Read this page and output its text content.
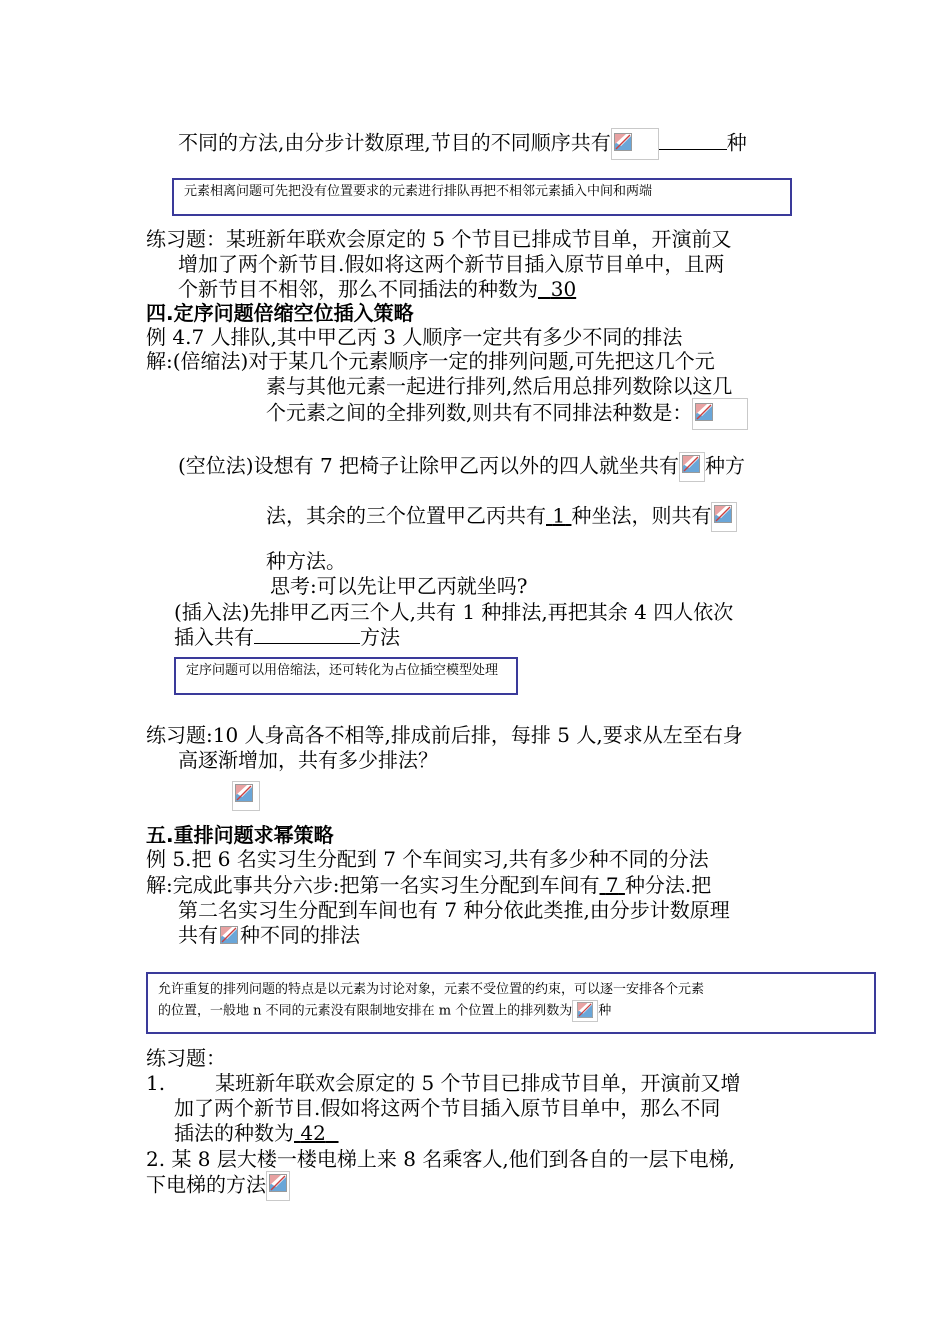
不同的方法,由分步计数原理,节目的不同顺序共有	种
元素相离问题可先把没有位置要求的元素进行排队再把不相邻元素插入中间和两端
练习题：某班新年联欢会原定的 5 个节目已排成节目单，开演前又
增加了两个新节目.假如将这两个新节目插入原节目单中，且两
个新节目不相邻，那么不同插法的种数为 30
四.定序问题倍缩空位插入策略
例 4.7 人排队,其中甲乙丙 3 人顺序一定共有多少不同的排法
解:(倍缩法)对于某几个元素顺序一定的排列问题,可先把这几个元
素与其他元素一起进行排列,然后用总排列数除以这几
个元素之间的全排列数,则共有不同排法种数是：
(空位法)设想有 7 把椅子让除甲乙丙以外的四人就坐共有 种方
法，其余的三个位置甲乙丙共有 1 种坐法，则共有
种方法。
思考:可以先让甲乙丙就坐吗?
(插入法)先排甲乙丙三个人,共有 1 种排法,再把其余 4 四人依次
插入共有	方法
定序问题可以用倍缩法，还可转化为占位插空模型处理
练习题:10 人身高各不相等,排成前后排，每排 5 人,要求从左至右身
高逐渐增加，共有多少排法？
五.重排问题求幂策略
例 5.把 6 名实习生分配到 7 个车间实习,共有多少种不同的分法
解:完成此事共分六步:把第一名实习生分配到车间有 7 种分法.把
第二名实习生分配到车间也有 7 种分依此类推,由分步计数原理
共有 种不同的排法
允许重复的排列问题的特点是以元素为讨论对象，元素不受位置的约束，可以逐一安排各个元素
的位置，一般地 n 不同的元素没有限制地安排在 m 个位置上的排列数为 种
练习题：
1.	某班新年联欢会原定的 5 个节目已排成节目单，开演前又增
加了两个新节目.假如将这两个节目插入原节目单中，那么不同
插法的种数为 42
2. 某 8 层大楼一楼电梯上来 8 名乘客人,他们到各自的一层下电梯,
下电梯的方法
